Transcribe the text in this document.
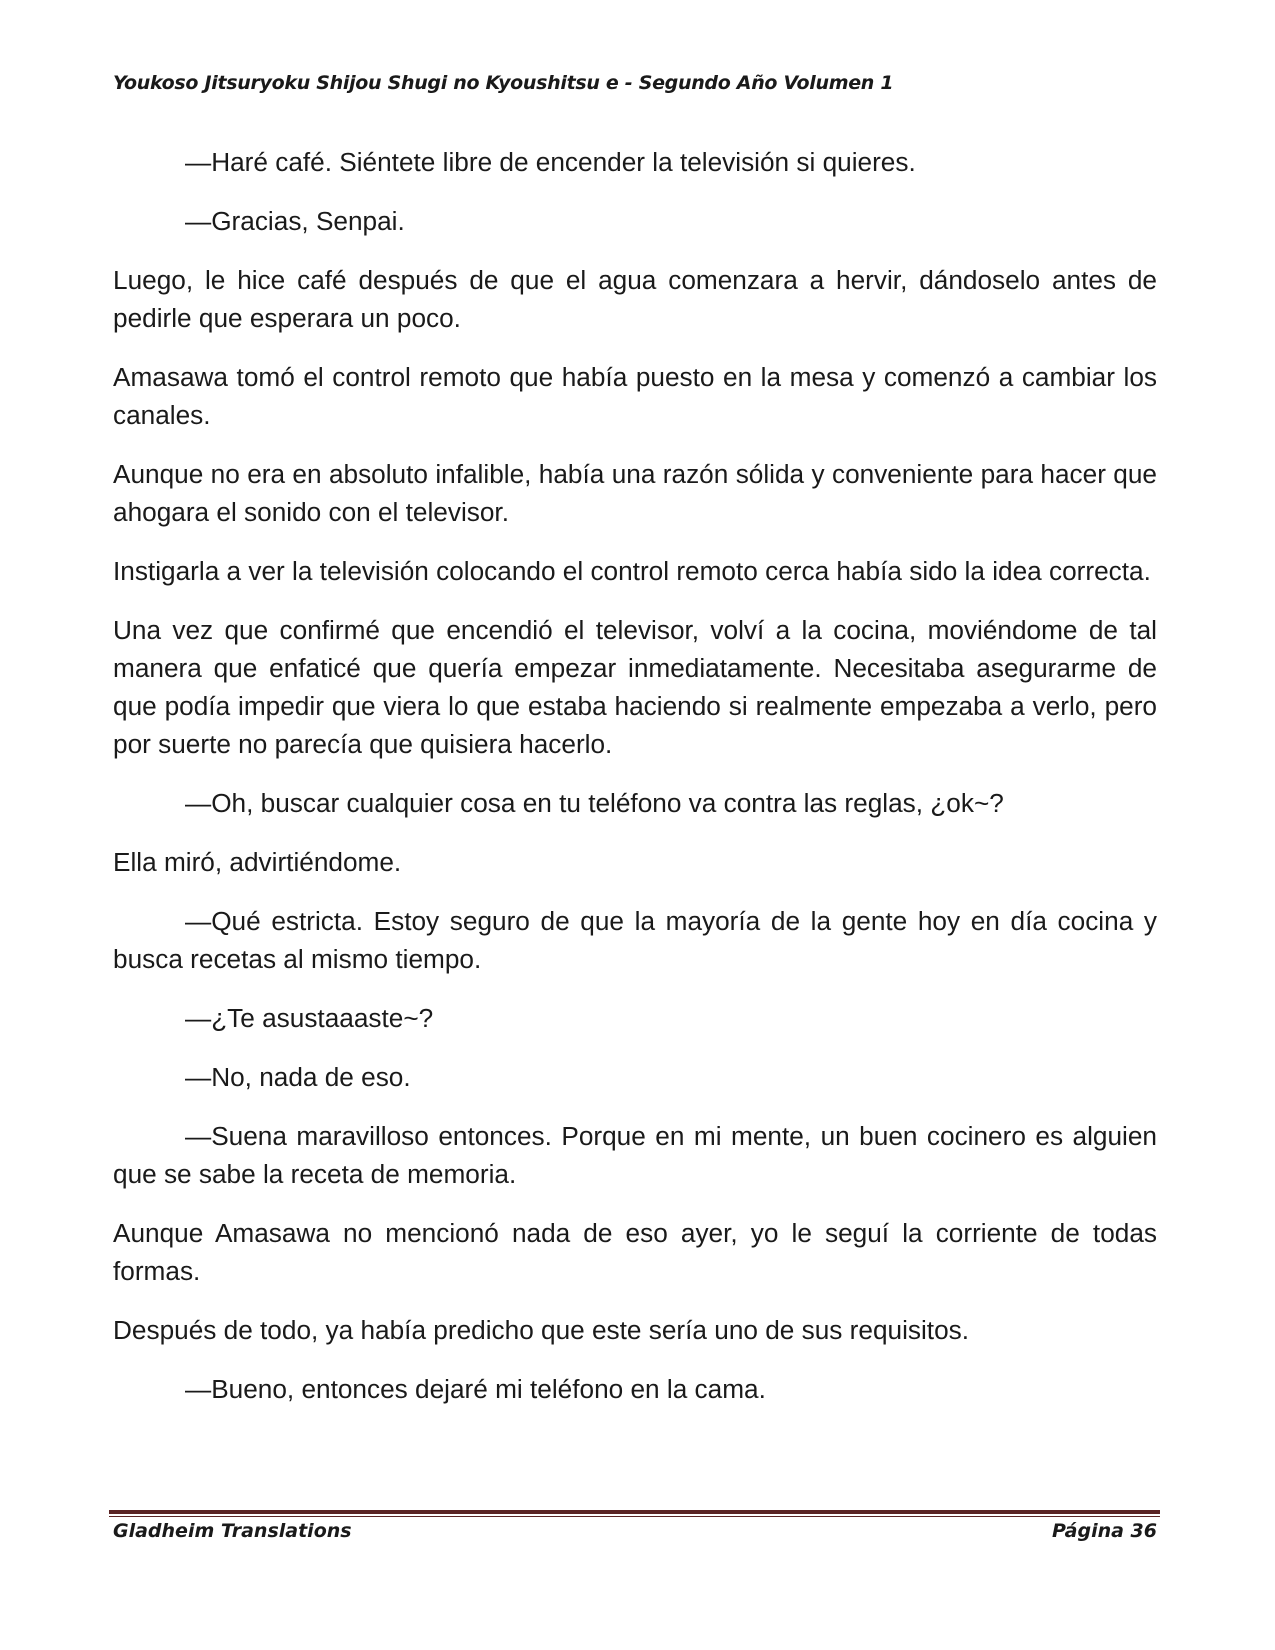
Youkoso Jitsuryoku Shijou Shugi no Kyoushitsu e - Segundo Año Volumen 1

—Haré café. Siéntete libre de encender la televisión si quieres.

—Gracias, Senpai.

Luego, le hice café después de que el agua comenzara a hervir, dándoselo antes de pedirle que esperara un poco.

Amasawa tomó el control remoto que había puesto en la mesa y comenzó a cambiar los canales.

Aunque no era en absoluto infalible, había una razón sólida y conveniente para hacer que ahogara el sonido con el televisor.

Instigarla a ver la televisión colocando el control remoto cerca había sido la idea correcta.

Una vez que confirmé que encendió el televisor, volví a la cocina, moviéndome de tal manera que enfaticé que quería empezar inmediatamente. Necesitaba asegurarme de que podía impedir que viera lo que estaba haciendo si realmente empezaba a verlo, pero por suerte no parecía que quisiera hacerlo.

—Oh, buscar cualquier cosa en tu teléfono va contra las reglas, ¿ok~?

Ella miró, advirtiéndome.

—Qué estricta. Estoy seguro de que la mayoría de la gente hoy en día cocina y busca recetas al mismo tiempo.

—¿Te asustaaaste~?

—No, nada de eso.

—Suena maravilloso entonces. Porque en mi mente, un buen cocinero es alguien que se sabe la receta de memoria.

Aunque Amasawa no mencionó nada de eso ayer, yo le seguí la corriente de todas formas.

Después de todo, ya había predicho que este sería uno de sus requisitos.

—Bueno, entonces dejaré mi teléfono en la cama.

Gladheim Translations	Página 36
